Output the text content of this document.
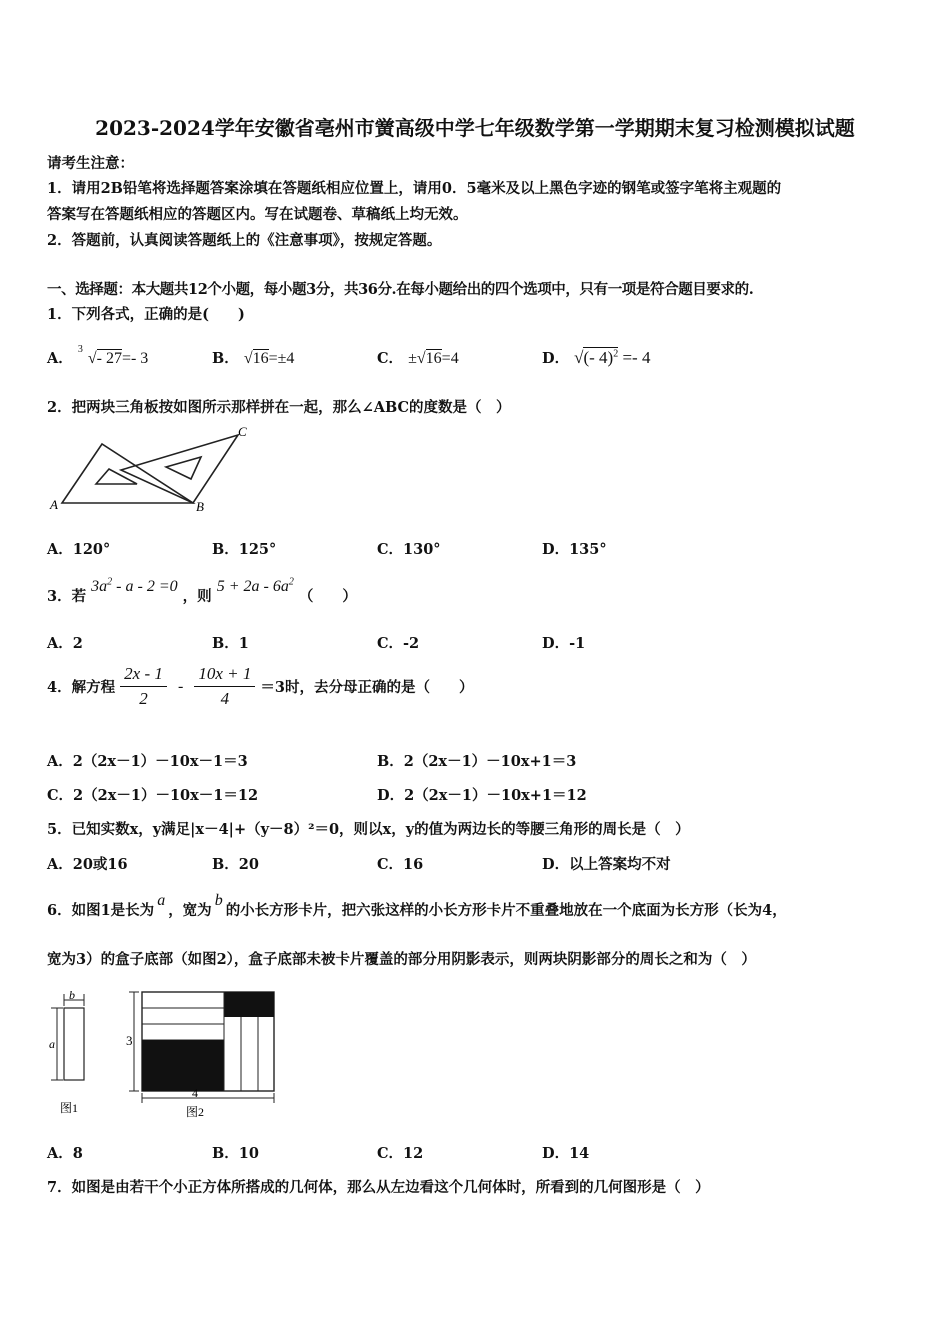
2023-2024学年安徽省亳州市黉高级中学七年级数学第一学期期末复习检测模拟试题
请考生注意：
1．请用2B铅笔将选择题答案涂填在答题纸相应位置上，请用0．5毫米及以上黑色字迹的钢笔或签字笔将主观题的
答案写在答题纸相应的答题区内。写在试题卷、草稿纸上均无效。
2．答题前，认真阅读答题纸上的《注意事项》，按规定答题。
一、选择题：本大题共12个小题，每小题3分，共36分.在每小题给出的四个选项中，只有一项是符合题目要求的.
1．下列各式，正确的是(　　)
A．
3
√- 27=- 3	B． √16=±4	C． ±√16=4	D． √(- 4)$^2$ =- 4
2．把两块三角板按如图所示那样拼在一起，那么∠ABC的度数是（　）
A	B
C
A．120°	B．125°	C．130°	D．135°
3．若 $3a^2 - a - 2 =0$ ，则 $5 + 2a - 6a^2$ （　　）
A．2	B．1	C．-2	D．-1
4．解方程 $\frac{2x - 1}{2} - \frac{10x + 1}{4} =3$时，去分母正确的是（　　）
A．2（2x－1）－10x－1＝3	B．2（2x－1）－10x+1＝3
C．2（2x－1）－10x－1＝12	D．2（2x－1）－10x+1＝12
5．已知实数x，y满足|x－4|+（y－8）²＝0，则以x，y的值为两边长的等腰三角形的周长是（　）
A．20或16	B．20	C．16	D．以上答案均不对
6．如图1是长为a，宽为b的小长方形卡片，把六张这样的小长方形卡片不重叠地放在一个底面为长方形（长为4，
宽为3）的盒子底部（如图2），盒子底部未被卡片覆盖的部分用阴影表示，则两块阴影部分的周长之和为（　）
b
a
图1
3
4
图2
A．8	B．10	C．12	D．14
7．如图是由若干个小正方体所搭成的几何体，那么从左边看这个几何体时，所看到的几何图形是（　）
